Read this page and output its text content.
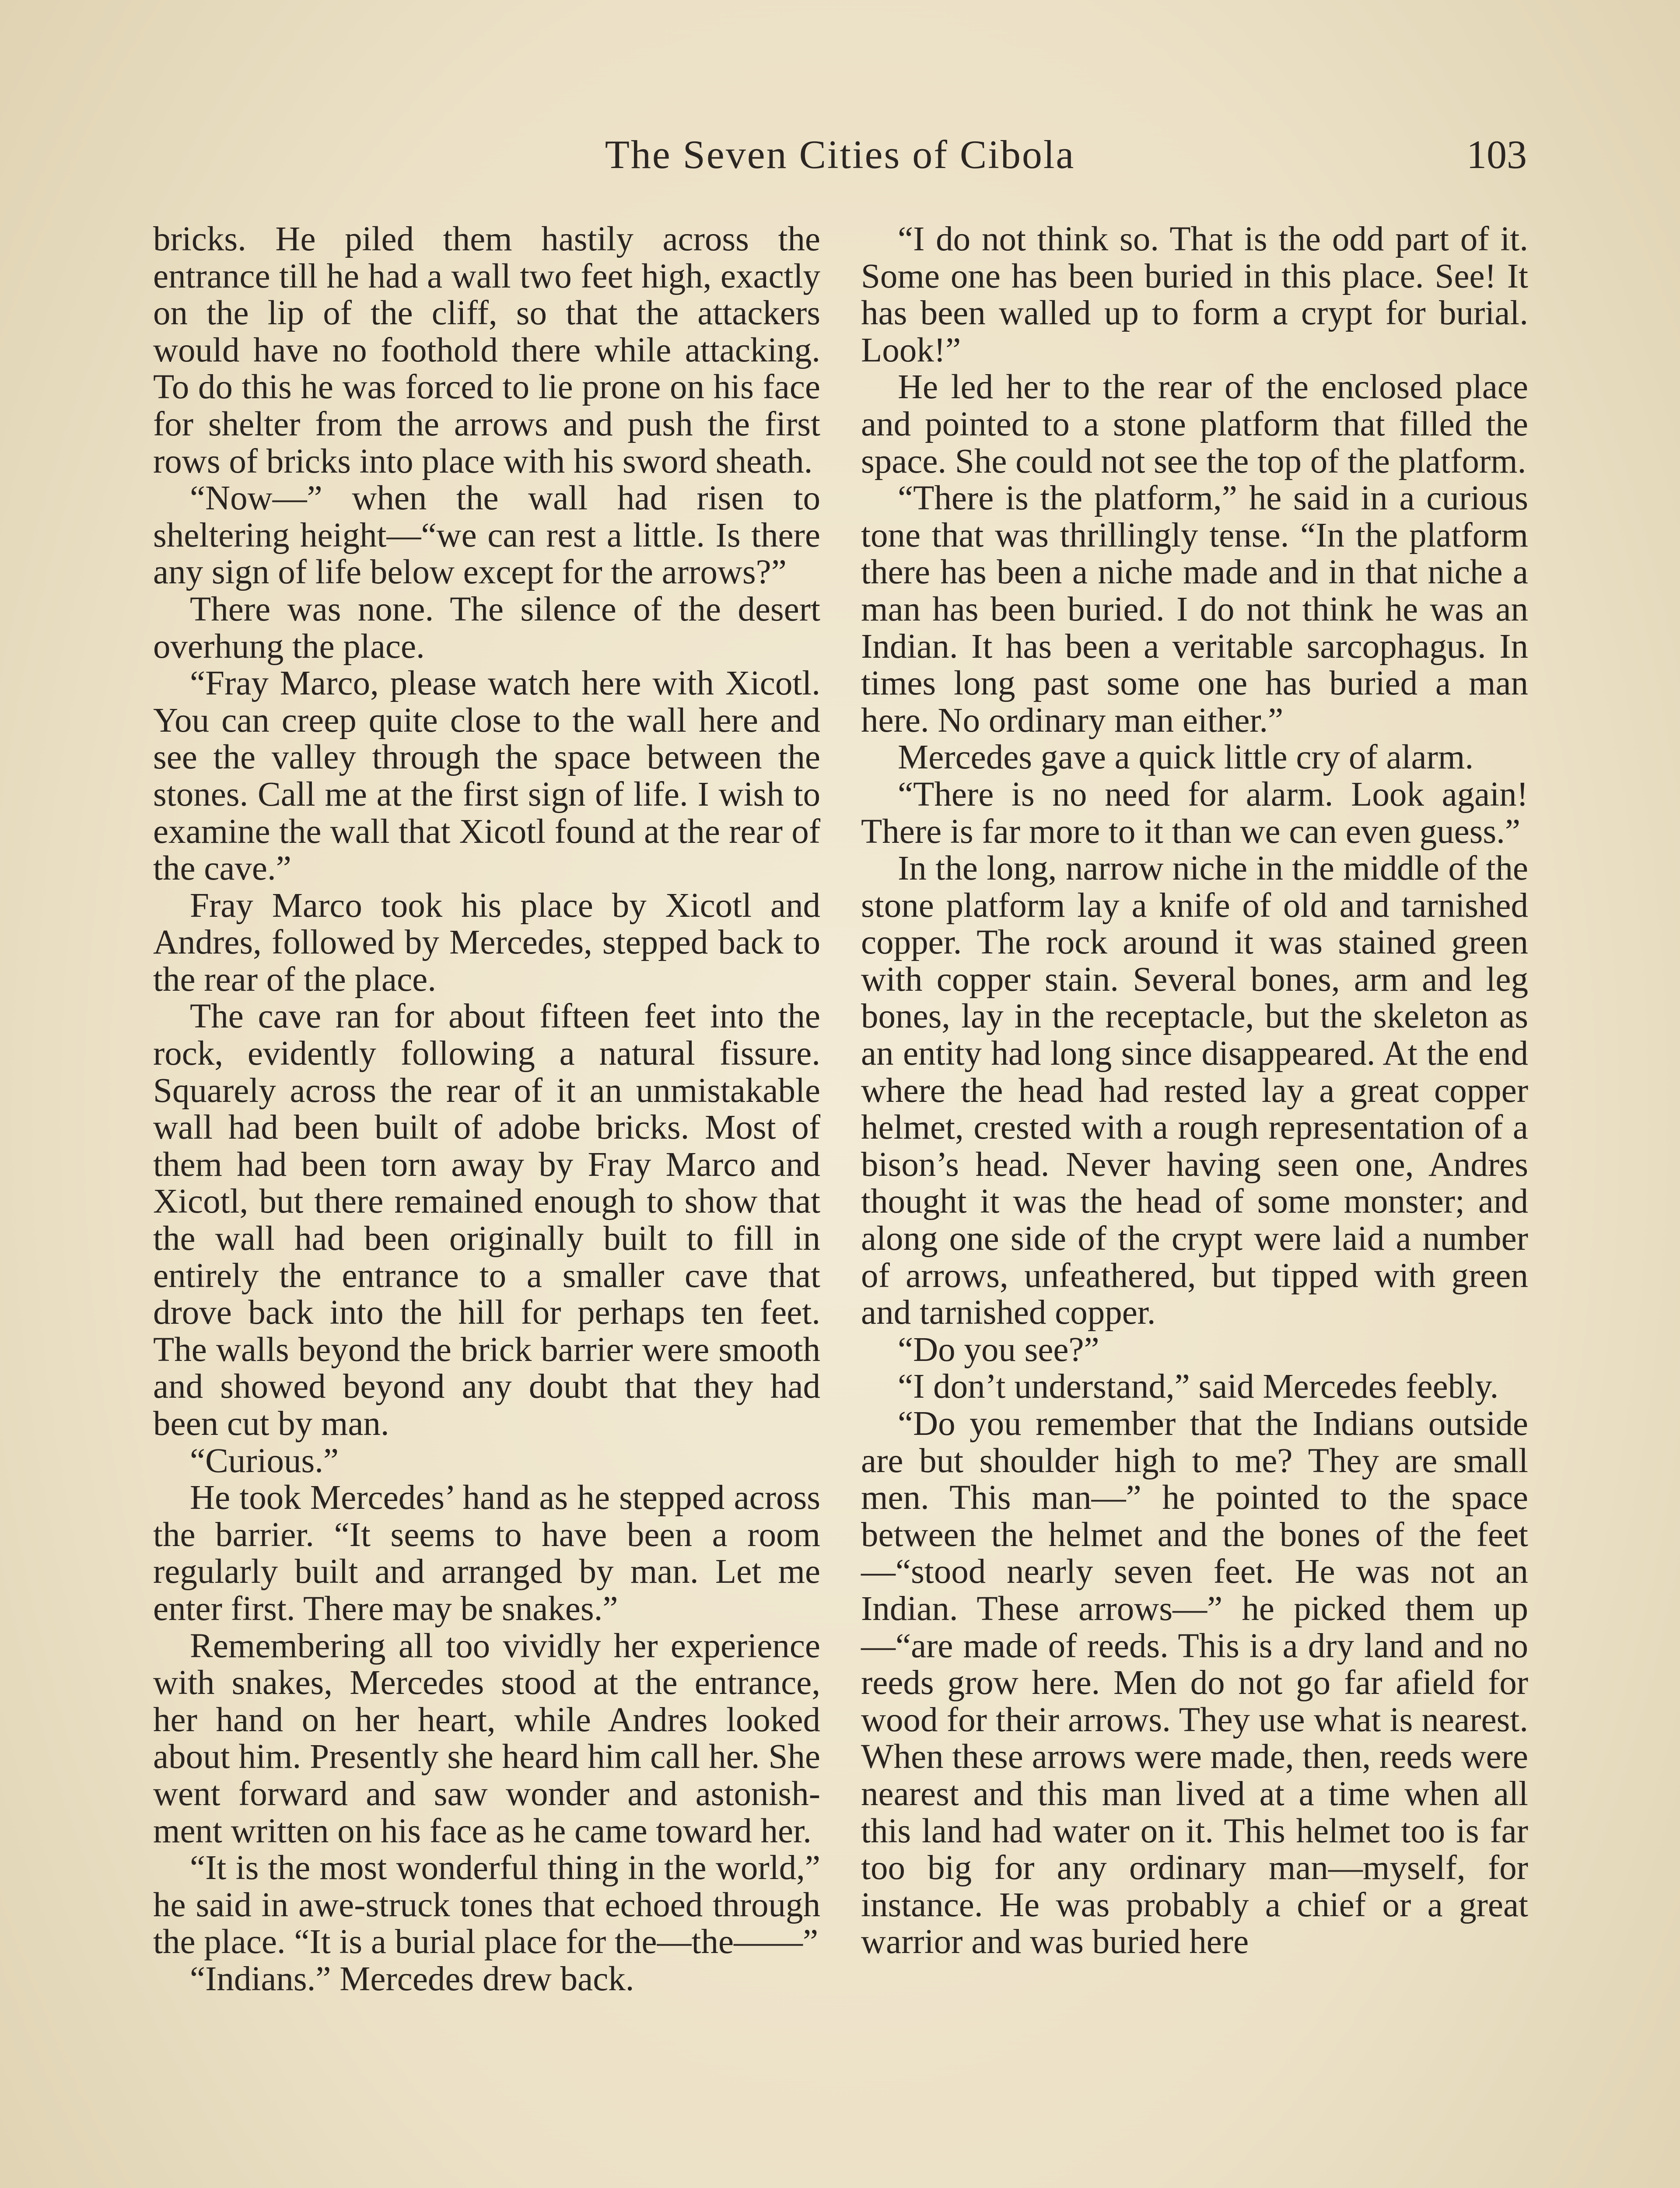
The Seven Cities of Cibola	103

bricks. He piled them hastily across the entrance till he had a wall two feet high, exactly on the lip of the cliff, so that the attackers would have no foothold there while attacking. To do this he was forced to lie prone on his face for shelter from the arrows and push the first rows of bricks into place with his sword sheath.

“Now—” when the wall had risen to sheltering height—“we can rest a little. Is there any sign of life below except for the arrows?”

There was none. The silence of the desert overhung the place.

“Fray Marco, please watch here with Xicotl. You can creep quite close to the wall here and see the valley through the space between the stones. Call me at the first sign of life. I wish to examine the wall that Xicotl found at the rear of the cave.”

Fray Marco took his place by Xicotl and Andres, followed by Mercedes, stepped back to the rear of the place.

The cave ran for about fifteen feet into the rock, evidently following a natural fissure. Squarely across the rear of it an unmistakable wall had been built of adobe bricks. Most of them had been torn away by Fray Marco and Xicotl, but there remained enough to show that the wall had been originally built to fill in entirely the entrance to a smaller cave that drove back into the hill for perhaps ten feet. The walls beyond the brick barrier were smooth and showed beyond any doubt that they had been cut by man.

“Curious.”

He took Mercedes’ hand as he stepped across the barrier. “It seems to have been a room regularly built and arranged by man. Let me enter first. There may be snakes.”

Remembering all too vividly her experience with snakes, Mercedes stood at the entrance, her hand on her heart, while Andres looked about him. Presently she heard him call her. She went forward and saw wonder and astonishment written on his face as he came toward her.

“It is the most wonderful thing in the world,” he said in awe-struck tones that echoed through the place. “It is a burial place for the—the——”

“Indians.” Mercedes drew back.

“I do not think so. That is the odd part of it. Some one has been buried in this place. See! It has been walled up to form a crypt for burial. Look!”

He led her to the rear of the enclosed place and pointed to a stone platform that filled the space. She could not see the top of the platform.

“There is the platform,” he said in a curious tone that was thrillingly tense. “In the platform there has been a niche made and in that niche a man has been buried. I do not think he was an Indian. It has been a veritable sarcophagus. In times long past some one has buried a man here. No ordinary man either.”

Mercedes gave a quick little cry of alarm.

“There is no need for alarm. Look again! There is far more to it than we can even guess.”

In the long, narrow niche in the middle of the stone platform lay a knife of old and tarnished copper. The rock around it was stained green with copper stain. Several bones, arm and leg bones, lay in the receptacle, but the skeleton as an entity had long since disappeared. At the end where the head had rested lay a great copper helmet, crested with a rough representation of a bison’s head. Never having seen one, Andres thought it was the head of some monster; and along one side of the crypt were laid a number of arrows, unfeathered, but tipped with green and tarnished copper.

“Do you see?”

“I don’t understand,” said Mercedes feebly.

“Do you remember that the Indians outside are but shoulder high to me? They are small men. This man—” he pointed to the space between the helmet and the bones of the feet—“stood nearly seven feet. He was not an Indian. These arrows—” he picked them up—“are made of reeds. This is a dry land and no reeds grow here. Men do not go far afield for wood for their arrows. They use what is nearest. When these arrows were made, then, reeds were nearest and this man lived at a time when all this land had water on it. This helmet too is far too big for any ordinary man—myself, for instance. He was probably a chief or a great warrior and was buried here
